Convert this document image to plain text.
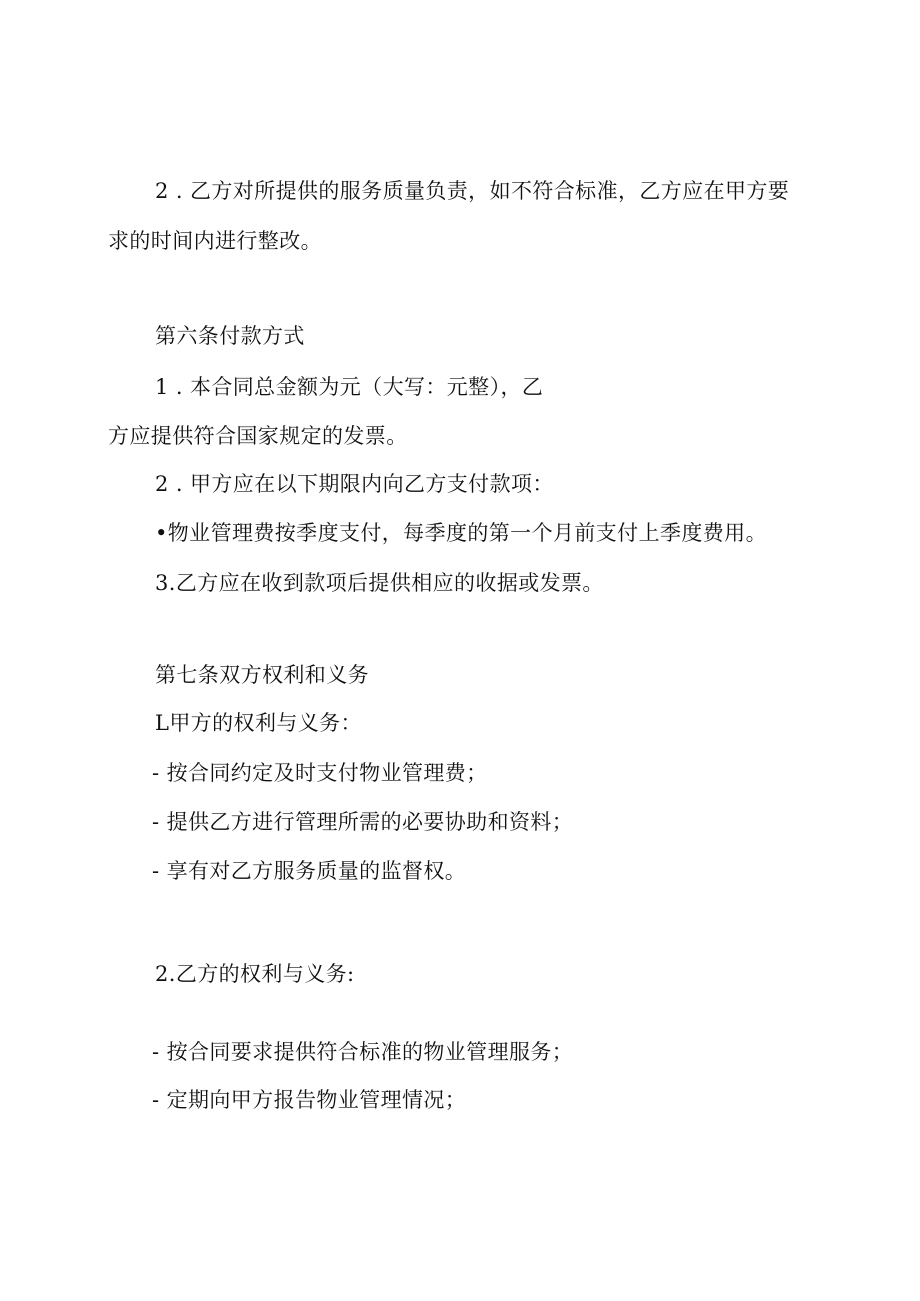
2 . 乙方对所提供的服务质量负责，如不符合标准，乙方应在甲方要

求的时间内进行整改。

第六条付款方式

1 . 本合同总金额为元（大写：元整），乙

方应提供符合国家规定的发票。

2 . 甲方应在以下期限内向乙方支付款项：

•物业管理费按季度支付，每季度的第一个月前支付上季度费用。

3.乙方应在收到款项后提供相应的收据或发票。

第七条双方权利和义务

L甲方的权利与义务：

- 按合同约定及时支付物业管理费；

- 提供乙方进行管理所需的必要协助和资料；

- 享有对乙方服务质量的监督权。

2.乙方的权利与义务:

- 按合同要求提供符合标准的物业管理服务；

- 定期向甲方报告物业管理情况；
